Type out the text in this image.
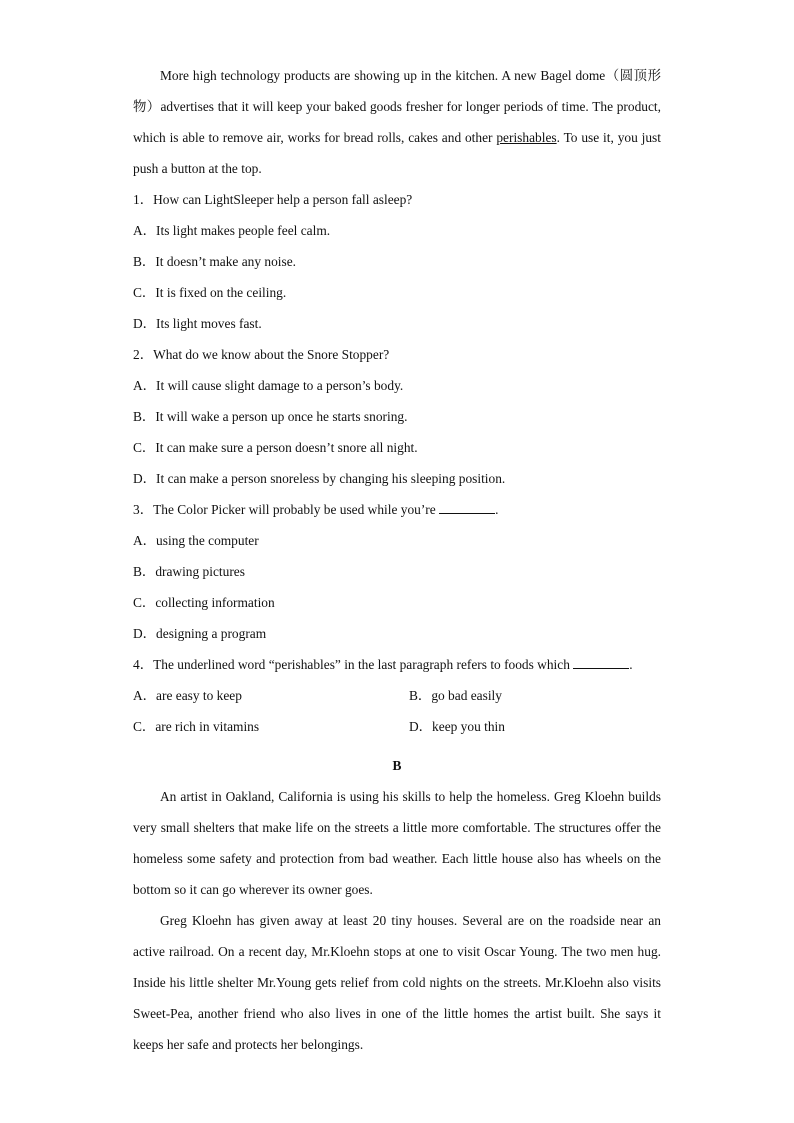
More high technology products are showing up in the kitchen. A new Bagel dome（圆顶形物）advertises that it will keep your baked goods fresher for longer periods of time. The product, which is able to remove air, works for bread rolls, cakes and other perishables. To use it, you just push a button at the top.

1．How can LightSleeper help a person fall asleep?

A．Its light makes people feel calm.

B．It doesn’t make any noise.

C．It is fixed on the ceiling.

D．Its light moves fast.

2．What do we know about the Snore Stopper?

A．It will cause slight damage to a person’s body.

B．It will wake a person up once he starts snoring.

C．It can make sure a person doesn’t snore all night.

D．It can make a person snoreless by changing his sleeping position.

3．The Color Picker will probably be used while you’re	.

A．using the computer

B．drawing pictures

C．collecting information

D．designing a program

4．The underlined word “perishables” in the last paragraph refers to foods which	.

A．are easy to keep	B．go bad easily
C．are rich in vitamins	D．keep you thin

B

An artist in Oakland, California is using his skills to help the homeless. Greg Kloehn builds very small shelters that make life on the streets a little more comfortable. The structures offer the homeless some safety and protection from bad weather. Each little house also has wheels on the bottom so it can go wherever its owner goes.

Greg Kloehn has given away at least 20 tiny houses. Several are on the roadside near an active railroad. On a recent day, Mr.Kloehn stops at one to visit Oscar Young. The two men hug. Inside his little shelter Mr.Young gets relief from cold nights on the streets. Mr.Kloehn also visits Sweet-Pea, another friend who also lives in one of the little homes the artist built. She says it keeps her safe and protects her belongings.
